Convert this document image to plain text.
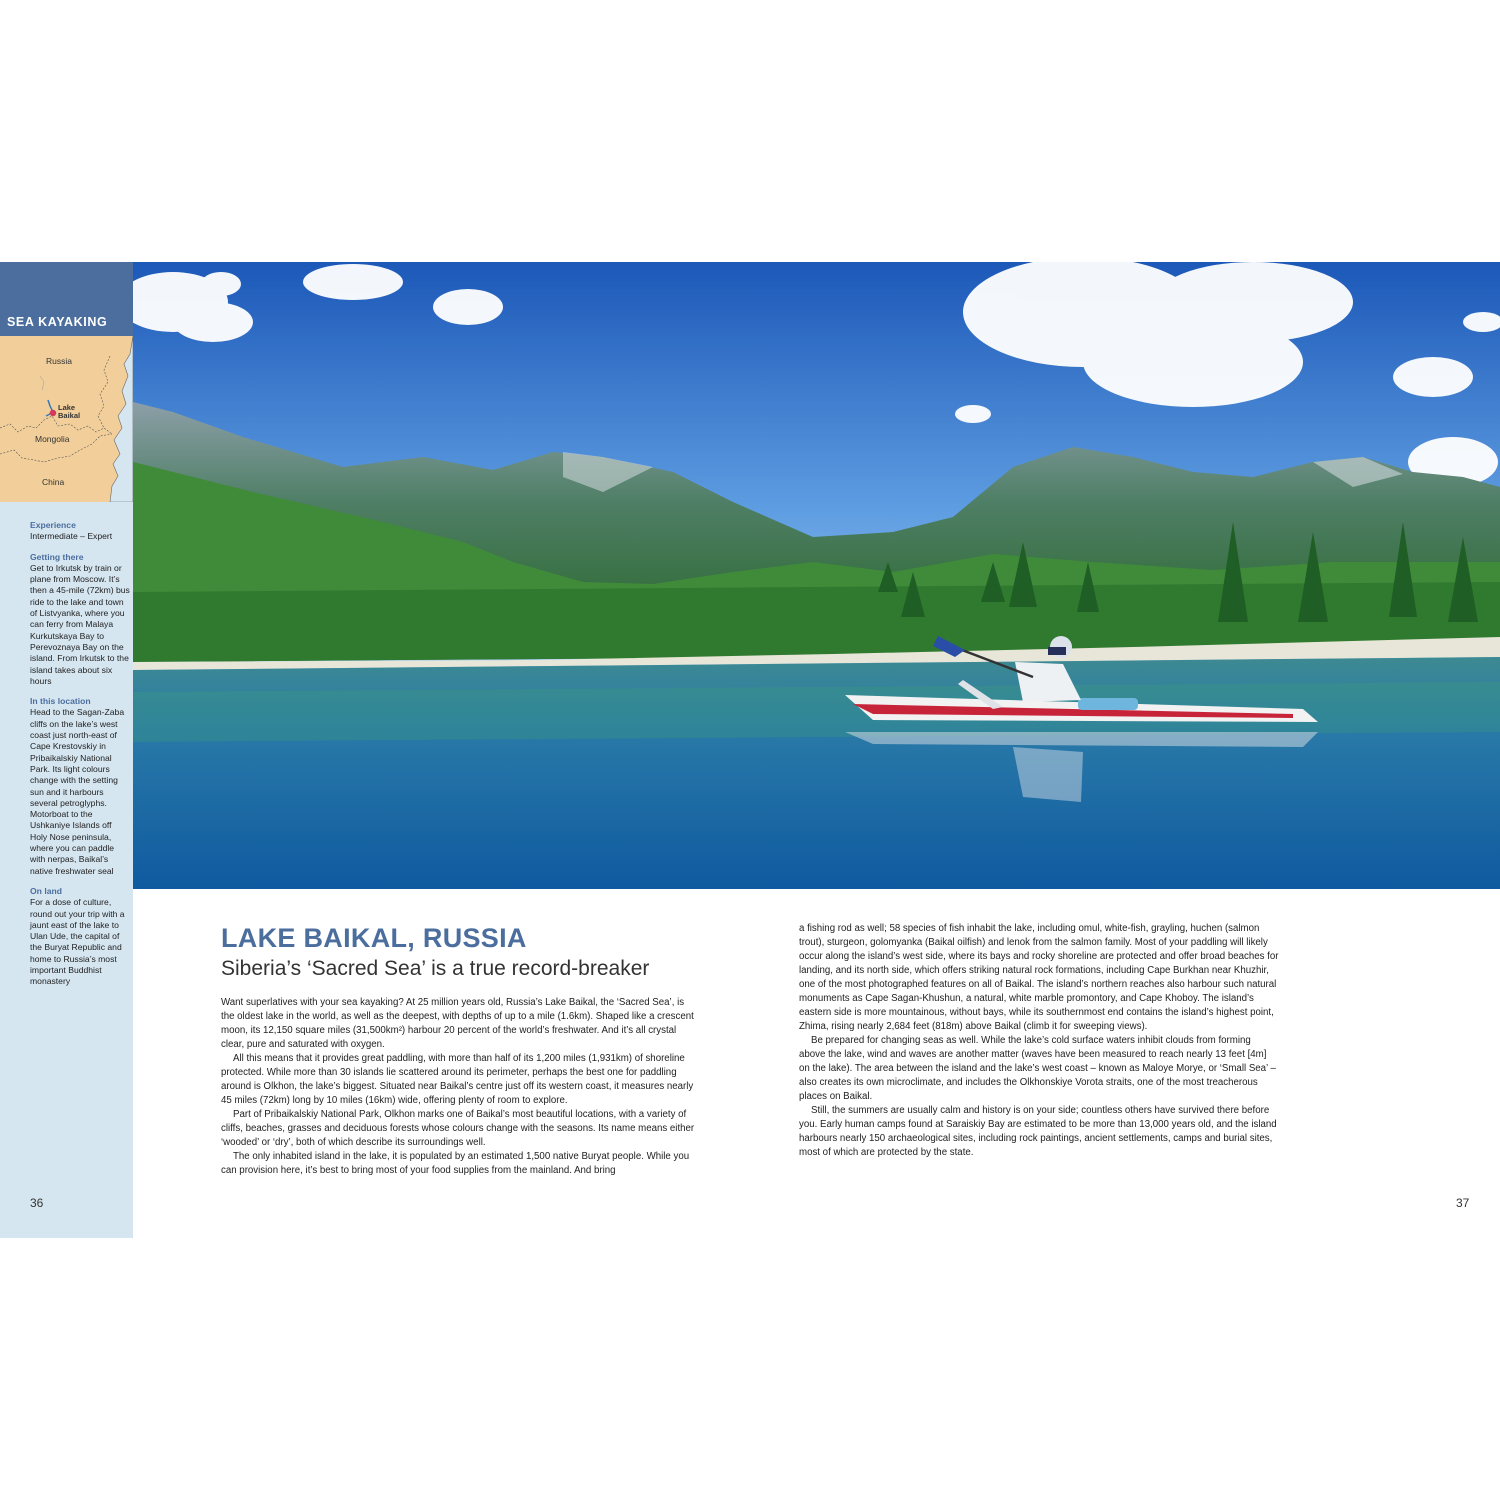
SEA KAYAKING
Russia
Lake
Baikal
Mongolia
China
Experience

Intermediate – Expert

Getting there

Get to Irkutsk by train or plane from Moscow. It’s then a 45-mile (72km) bus ride to the lake and town of Listvyanka, where you can ferry from Malaya Kurkutskaya Bay to Perevoznaya Bay on the island. From Irkutsk to the island takes about six hours

In this location

Head to the Sagan-Zaba cliffs on the lake’s west coast just north-east of Cape Krestovskiy in Pribaikalskiy National Park. Its light colours change with the setting sun and it harbours several petroglyphs. Motorboat to the Ushkaniye Islands off Holy Nose peninsula, where you can paddle with nerpas, Baikal’s native freshwater seal

On land

For a dose of culture, round out your trip with a jaunt east of the lake to Ulan Ude, the capital of the Buryat Republic and home to Russia’s most important Buddhist monastery

36
LAKE BAIKAL, RUSSIA
Siberia’s ‘Sacred Sea’ is a true record-breaker

Want superlatives with your sea kayaking? At 25 million years old, Russia’s Lake Baikal, the ‘Sacred Sea’, is the oldest lake in the world, as well as the deepest, with depths of up to a mile (1.6km). Shaped like a crescent moon, its 12,150 square miles (31,500km²) harbour 20 percent of the world’s freshwater. And it’s all crystal clear, pure and saturated with oxygen.

All this means that it provides great paddling, with more than half of its 1,200 miles (1,931km) of shoreline protected. While more than 30 islands lie scattered around its perimeter, perhaps the best one for paddling around is Olkhon, the lake’s biggest. Situated near Baikal’s centre just off its western coast, it measures nearly 45 miles (72km) long by 10 miles (16km) wide, offering plenty of room to explore.

Part of Pribaikalskiy National Park, Olkhon marks one of Baikal’s most beautiful locations, with a variety of cliffs, beaches, grasses and deciduous forests whose colours change with the seasons. Its name means either ‘wooded’ or ‘dry’, both of which describe its surroundings well.

The only inhabited island in the lake, it is populated by an estimated 1,500 native Buryat people. While you can provision here, it’s best to bring most of your food supplies from the mainland. And bring

a fishing rod as well; 58 species of fish inhabit the lake, including omul, white-fish, grayling, huchen (salmon trout), sturgeon, golomyanka (Baikal oilfish) and lenok from the salmon family. Most of your paddling will likely occur along the island’s west side, where its bays and rocky shoreline are protected and offer broad beaches for landing, and its north side, which offers striking natural rock formations, including Cape Burkhan near Khuzhir, one of the most photographed features on all of Baikal. The island’s northern reaches also harbour such natural monuments as Cape Sagan-Khushun, a natural, white marble promontory, and Cape Khoboy. The island’s eastern side is more mountainous, without bays, while its southernmost end contains the island’s highest point, Zhima, rising nearly 2,684 feet (818m) above Baikal (climb it for sweeping views).

Be prepared for changing seas as well. While the lake’s cold surface waters inhibit clouds from forming above the lake, wind and waves are another matter (waves have been measured to reach nearly 13 feet [4m] on the lake). The area between the island and the lake’s west coast – known as Maloye Morye, or ‘Small Sea’ – also creates its own microclimate, and includes the Olkhonskiye Vorota straits, one of the most treacherous places on Baikal.

Still, the summers are usually calm and history is on your side; countless others have survived there before you. Early human camps found at Saraiskiy Bay are estimated to be more than 13,000 years old, and the island harbours nearly 150 archaeological sites, including rock paintings, ancient settlements, camps and burial sites, most of which are protected by the state.

37
